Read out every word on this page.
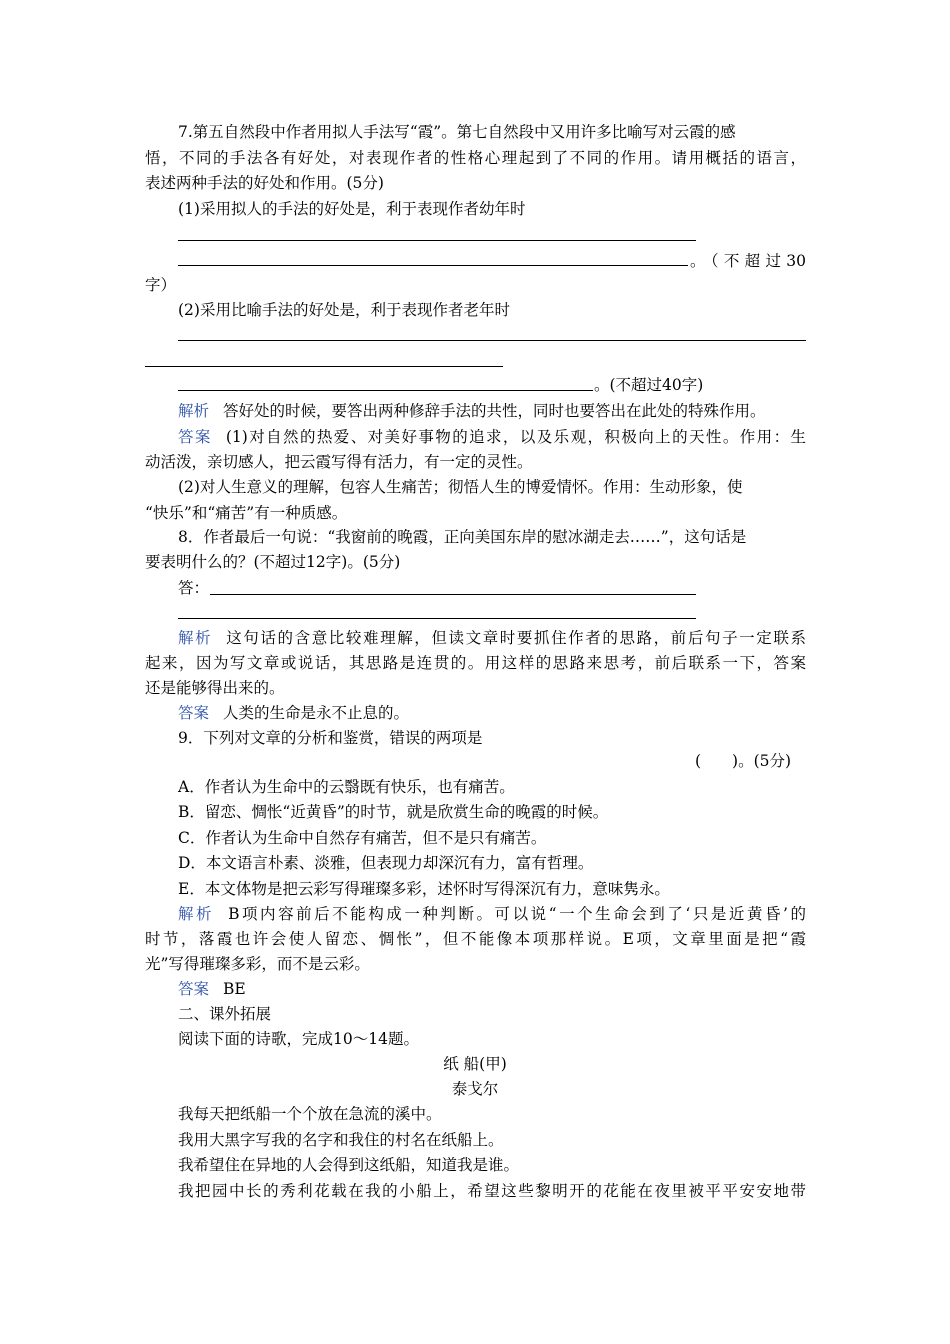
7.第五自然段中作者用拟人手法写“霞”。第七自然段中又用许多比喻写对云霞的感
悟，不同的手法各有好处，对表现作者的性格心理起到了不同的作用。请用概括的语言，
表述两种手法的好处和作用。(5分)
(1)采用拟人的手法的好处是，利于表现作者幼年时
。（不超过30
字）
(2)采用比喻手法的好处是，利于表现作者老年时
。(不超过40字)
解析 答好处的时候，要答出两种修辞手法的共性，同时也要答出在此处的特殊作用。
答案 (1)对自然的热爱、对美好事物的追求，以及乐观，积极向上的天性。作用：生
动活泼，亲切感人，把云霞写得有活力，有一定的灵性。
(2)对人生意义的理解，包容人生痛苦；彻悟人生的博爱情怀。作用：生动形象，使
“快乐”和“痛苦”有一种质感。
8．作者最后一句说：“我窗前的晚霞，正向美国东岸的慰冰湖走去……”，这句话是
要表明什么的？(不超过12字)。(5分)
答：
解析 这句话的含意比较难理解，但读文章时要抓住作者的思路，前后句子一定联系
起来，因为写文章或说话，其思路是连贯的。用这样的思路来思考，前后联系一下，答案
还是能够得出来的。
答案 人类的生命是永不止息的。
9．下列对文章的分析和鉴赏，错误的两项是
(　　)。(5分)
A．作者认为生命中的云翳既有快乐，也有痛苦。
B．留恋、惆怅“近黄昏”的时节，就是欣赏生命的晚霞的时候。
C．作者认为生命中自然存有痛苦，但不是只有痛苦。
D．本文语言朴素、淡雅，但表现力却深沉有力，富有哲理。
E．本文体物是把云彩写得璀璨多彩，述怀时写得深沉有力，意味隽永。
解析 B项内容前后不能构成一种判断。可以说“一个生命会到了‘只是近黄昏’的
时节，落霞也许会使人留恋、惆怅”，但不能像本项那样说。E项，文章里面是把“霞
光”写得璀璨多彩，而不是云彩。
答案 BE
二、课外拓展
阅读下面的诗歌，完成10～14题。
纸 船(甲)
泰戈尔
我每天把纸船一个个放在急流的溪中。
我用大黑字写我的名字和我住的村名在纸船上。
我希望住在异地的人会得到这纸船，知道我是谁。
我把园中长的秀利花载在我的小船上，希望这些黎明开的花能在夜里被平平安安地带
